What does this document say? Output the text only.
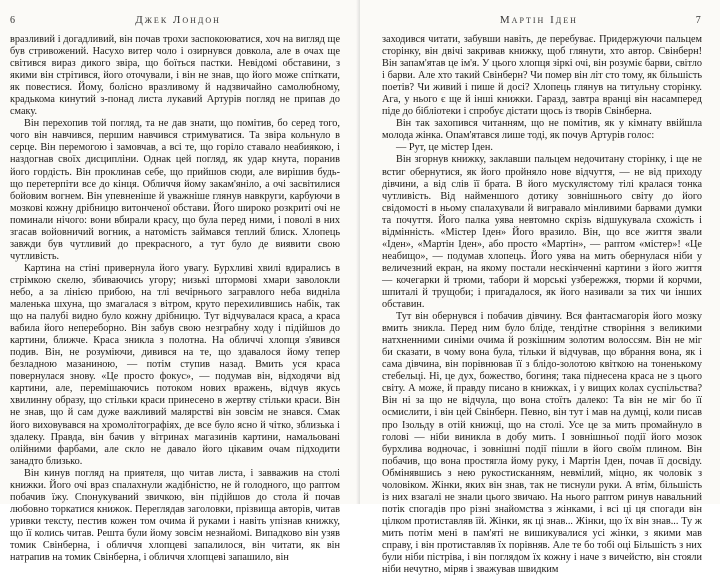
6	Джек Лондон

вразливий і догадливий, він почав трохи заспокоюватися, хоч на вигляд ще був стривожений. Насухо витер чоло і озирнувся довкола, але в очах ще світився вираз дикого звіра, що боїться пастки. Невідомі обставини, з якими він стрітився, його оточували, і він не знав, що його може спіткати, як повестися. Йому, болісно вразливому й надзвичайно самолюбному, крадькома кинутий з-понад листа лукавий Артурів погляд не припав до смаку.

Він перехопив той погляд, та не дав знати, що помітив, бо серед того, чого він навчився, першим навчився стримуватися. Та звіра кольнуло в серце. Він перемогою і замовчав, а всі те, що горіло ставало неабиякою, і наздогнав своїх дисципліни. Однак цей погляд, як удар кнута, поранив його гордість. Він проклинав себе, що прийшов сюди, але вирішив будь-що перетерпіти все до кінця. Обличчя йому закам'яніло, а очі засвітилися бойовим вогнем. Він упевненіше й уважніше глянув навкруги, карбуючи в мозкові кожну дрібницю витонченої обстави. Його широко розкриті очі не поминали нічого: вони вбирали красу, що була перед ними, і поволі в них згасав войовничий вогник, а натомість займався теплий блиск. Хлопець завжди був чутливий до прекрасного, а тут було де виявити свою чутливість.

Картина на стіні привернула його увагу. Бурхливі хвилі вдирались в стрімкою скелю, збиваючись угору; низькі штормові хмари заволокли небо, а за лінією прибою, на тлі вечірнього загравлого неба видніла маленька шхуна, що змагалася з вітром, круто перехилившись набік, так що на палубі видно було кожну дрібницю. Тут відчувалася краса, а краса вабила його непереборно. Він забув свою незграбну ходу і підійшов до картини, ближче. Краса зникла з полотна. На обличчі хлопця з'явився подив. Він, не розуміючи, дивився на те, що здавалося йому тепер безладною мазаниною, — потім ступив назад. Вмить уся краса повернулася знову. «Це просто фокус», — подумав він, відходячи від картини, але, перемішаючись потоком нових вражень, відчув якусь хвилинну образу, що стільки краси принесено в жертву стільки краси. Він не знав, що й сам дуже важливий малярстві він зовсім не знався. Смак його виховувався на хромолітографіях, де все було ясно й чітко, зблизька і здалеку. Правда, він бачив у вітринах магазинів картини, намальовані олійними фарбами, але скло не давало його цікавим очам підходити занадто близько.

Він кинув погляд на приятеля, що читав листа, і завважив на столі книжки. Його очі враз спалахнули жадібністю, не й голодного, що раптом побачив їжу. Спонукуваний звичкою, він підійшов до стола й почав любовно торкатися книжок. Переглядав заголовки, прізвища авторів, читав уривки тексту, пестив кожен том очима й руками і навіть упізнав книжку, що її колись читав. Решта були йому зовсім незнайомі. Випадково він узяв томик Свінберна, і обличчя хлопцеві запалилося, він читати, як він натрапив на томик Свінберна, і обличчя хлопцеві запашило, він

Мартін Іден	7

заходився читати, забувши навіть, де перебуває. Придержуючи пальцем сторінку, він двічі закривав книжку, щоб глянути, хто автор. Свінберн! Він запам'ятав це ім'я. У цього хлопця зіркі очі, він розуміє барви, світло і барви. Але хто такий Свінберн? Чи помер він літ сто тому, як більшість поетів? Чи живий і пише й досі? Хлопець глянув на титульну сторінку. Ага, у нього є ще й інші книжки. Гаразд, завтра вранці він насамперед піде до бібліотеки і спробує дістати щось із творів Свінберна.

Він так захопився читанням, що не помітив, як у кімнату ввійшла молода жінка. Опам'ятався лише тоді, як почув Артурів голос:

— Рут, це містер Іден.

Він згорнув книжку, заклавши пальцем недочитану сторінку, і ще не встиг обернутися, як його пройняло нове відчуття, — не від приходу дівчини, а від слів її брата. В його мускулястому тілі кралася тонка чутливість. Від найменшого дотику зовнішнього світу до його свідомості в ньому спалахували й вигравало мінливими барвами думки та почуття. Його палка уява невтомно скрізь відшукувала схожість і відмінність. «Містер Іден» Його вразило. Він, що все життя звали «Іден», «Мартін Іден», або просто «Мартін», — раптом «містер»! «Це неабищо», — подумав хлопець. Його уява на мить обернулася ніби у величезний екран, на якому постали нескінченні картини з його життя — кочегарки й трюми, табори й морські узбережжя, тюрми й корчми, шпиталі й трущоби; і пригадалося, як його називали за тих чи інших обставин.

Тут він обернувся і побачив дівчину. Вся фантасмагорія його мозку вмить зникла. Перед ним було бліде, тендітне створіння з великими натхненними синіми очима й розкішним золотим волоссям. Він не міг би сказати, в чому вона була, тільки й відчував, що вбрання вона, як і сама дівчина, він порівнював її з блідо-золотою квіткою на тоненькому стебельці. Ні, це дух, божество, богиня; така піднесена краса не з цього світу. А може, й правду писано в книжках, і у вищих колах суспільства? Він ні за що не відчула, що вона стоїть далеко: Та він не міг бо її осмислити, і він цей Свінберн. Певно, він тут і мав на думці, коли писав про Ізольду в отій книжці, що на столі. Усе це за мить промайнуло в голові — ніби виникла в добу мить. І зовнішньої події його мозок бурхлива водночас, і зовнішні події пішли в його своїм плином. Він побачив, що вона простягла йому руку, і Мартін Іден, почав її досвіду. Обмінявшись з нею рукостисканням, невмілий, міцно, як чоловік з чоловіком. Жінки, яких він знав, так не тиснули руки. А втім, більшість із них взагалі не знали цього звичаю. На нього раптом ринув навальний потік спогадів про різні знайомства з жінками, і всі ці ця спогади він цілком протиставляв їй. Жінки, як ці знав... Жінки, що їх він знав... Ту ж мить потім мені в пам'яті не вишикувалися усі жінки, з якими мав справу, і він протиставляв їх порівняв. Але те бо тобі оці Більшість з них були ніби пістріва, і він поглядом їх кожну і наче з вичейстю, він стояли ніби нечутно, міряв і зважував швидким
